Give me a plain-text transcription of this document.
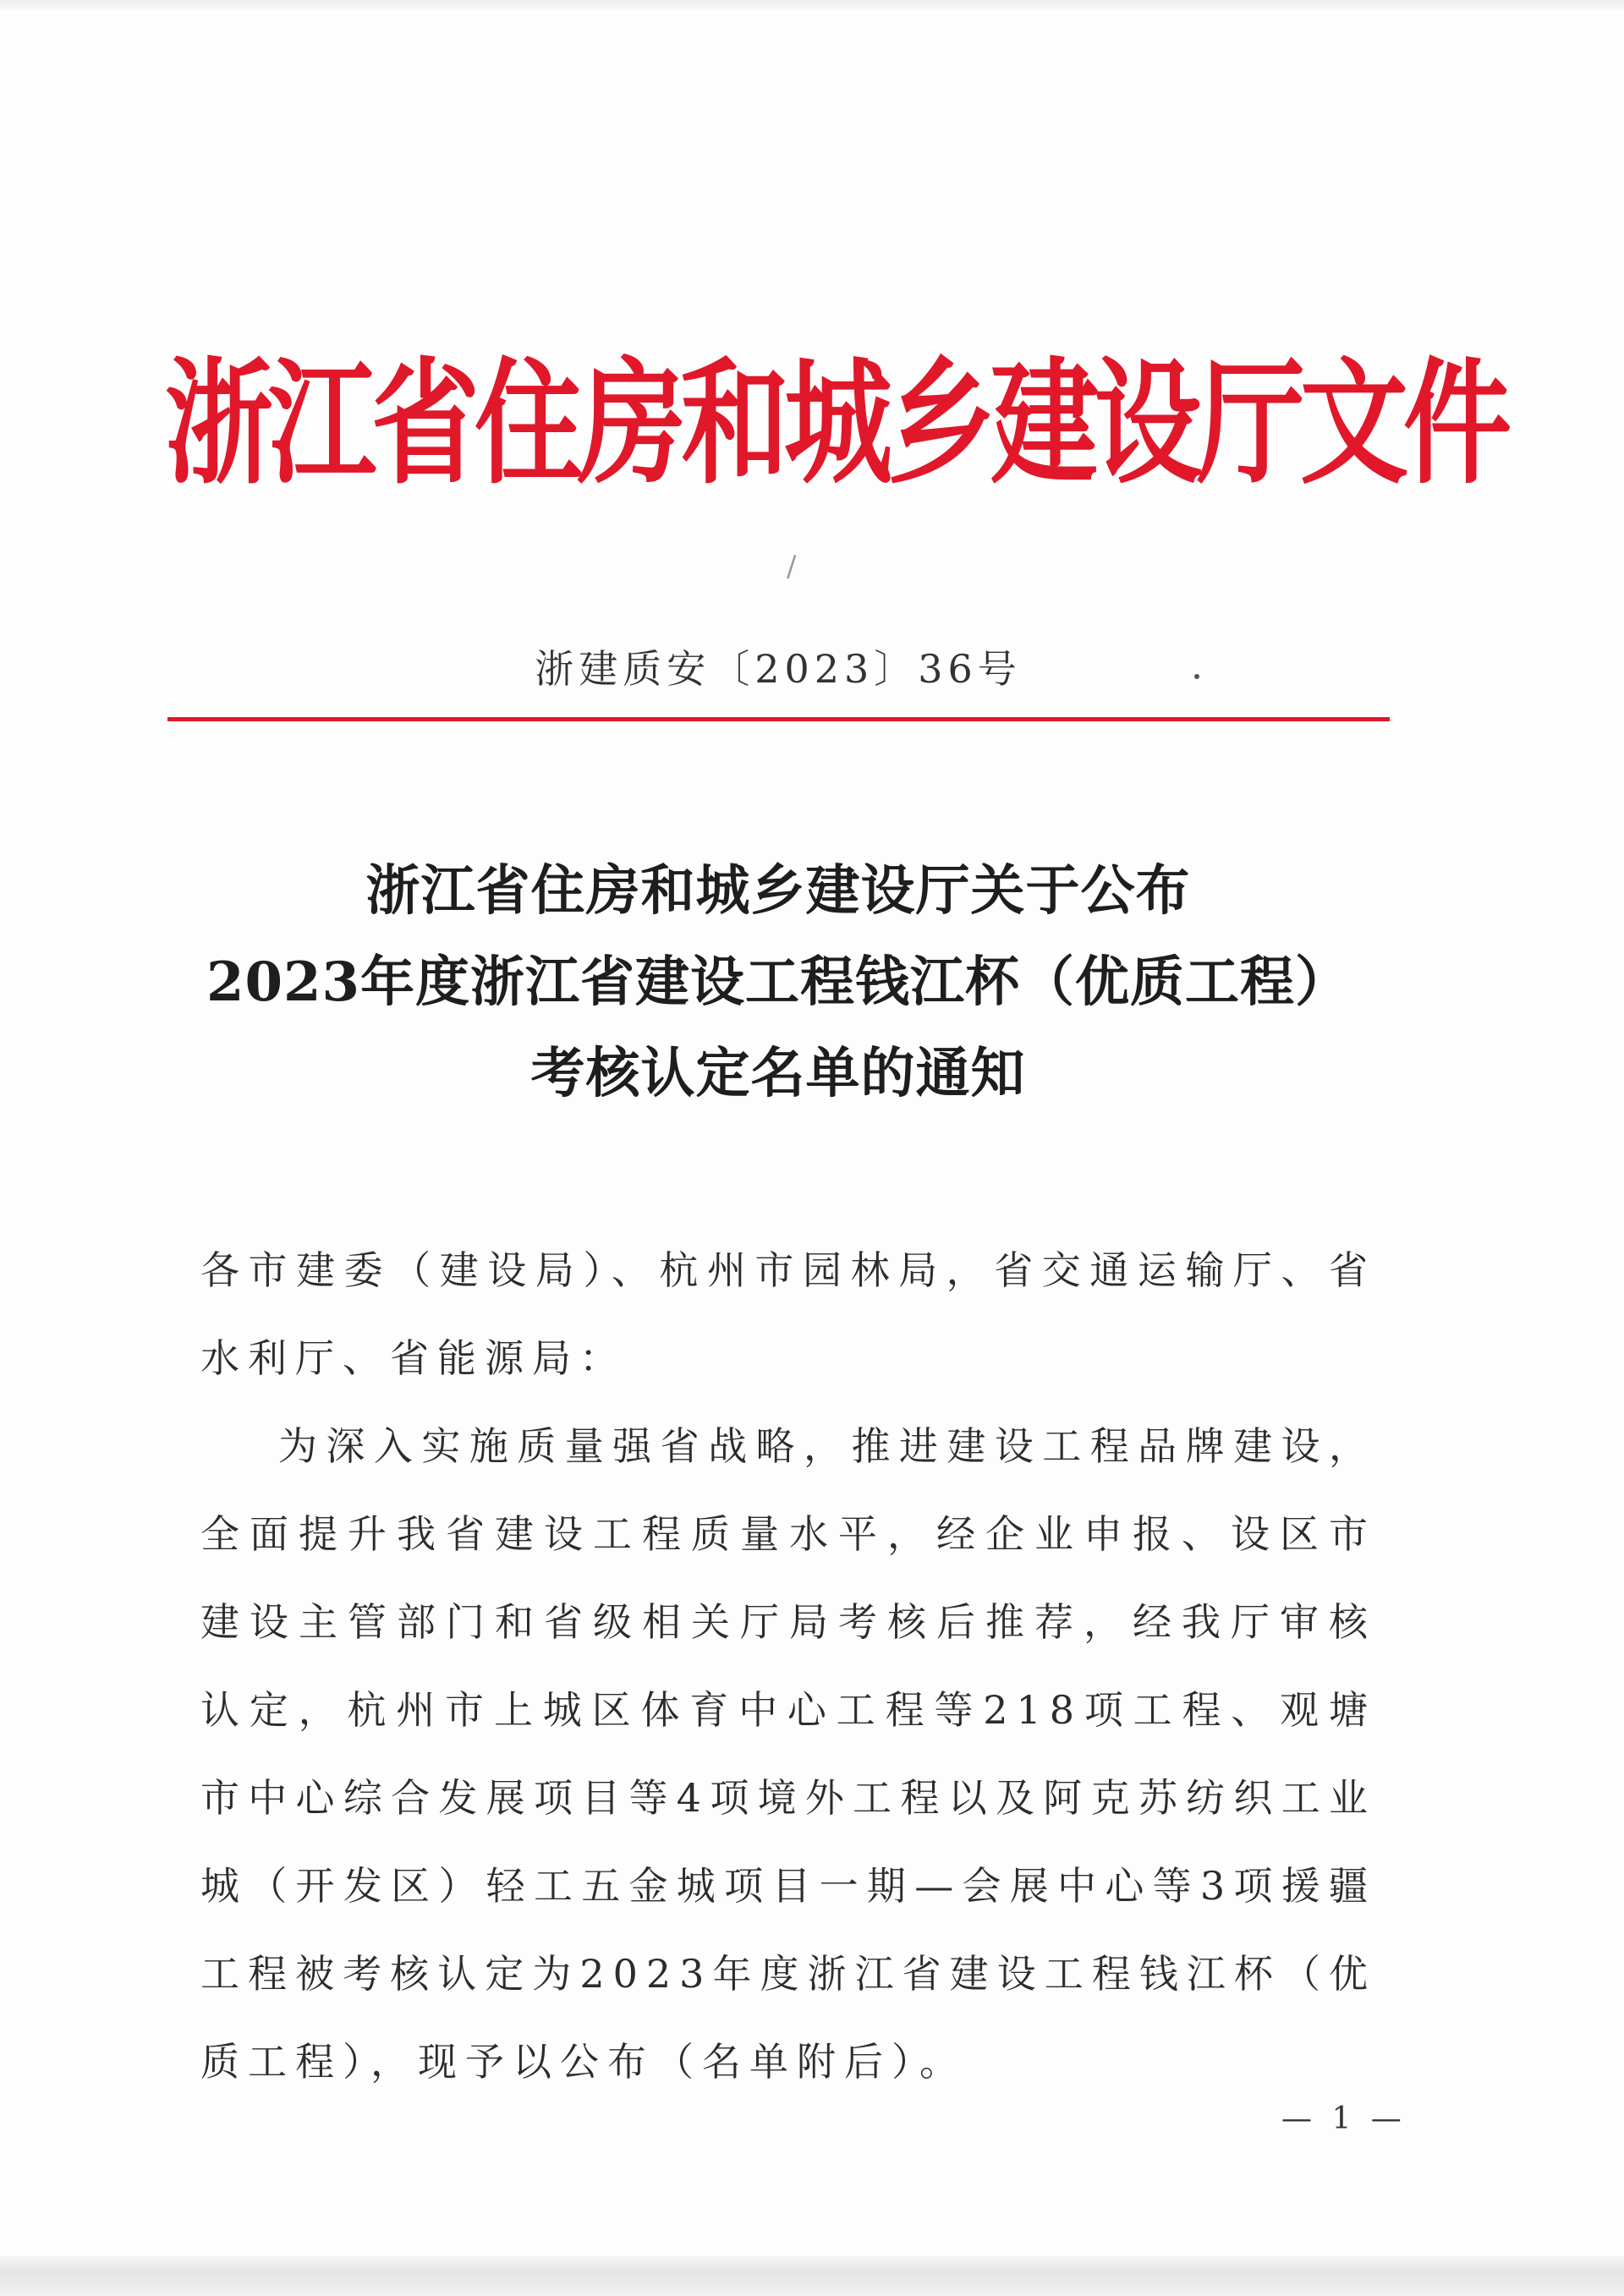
浙江省住房和城乡建设厅文件
/

浙建质安〔2023〕36号

浙江省住房和城乡建设厅关于公布
2023年度浙江省建设工程钱江杯（优质工程）
考核认定名单的通知

各市建委（建设局）、杭州市园林局，省交通运输厅、省水利厅、省能源局：

为深入实施质量强省战略，推进建设工程品牌建设，全面提升我省建设工程质量水平，经企业申报、设区市建设主管部门和省级相关厅局考核后推荐，经我厅审核认定，杭州市上城区体育中心工程等218项工程、观塘市中心综合发展项目等4项境外工程以及阿克苏纺织工业城（开发区）轻工五金城项目一期—会展中心等3项援疆工程被考核认定为2023年度浙江省建设工程钱江杯（优质工程），现予以公布（名单附后）。

— 1 —
